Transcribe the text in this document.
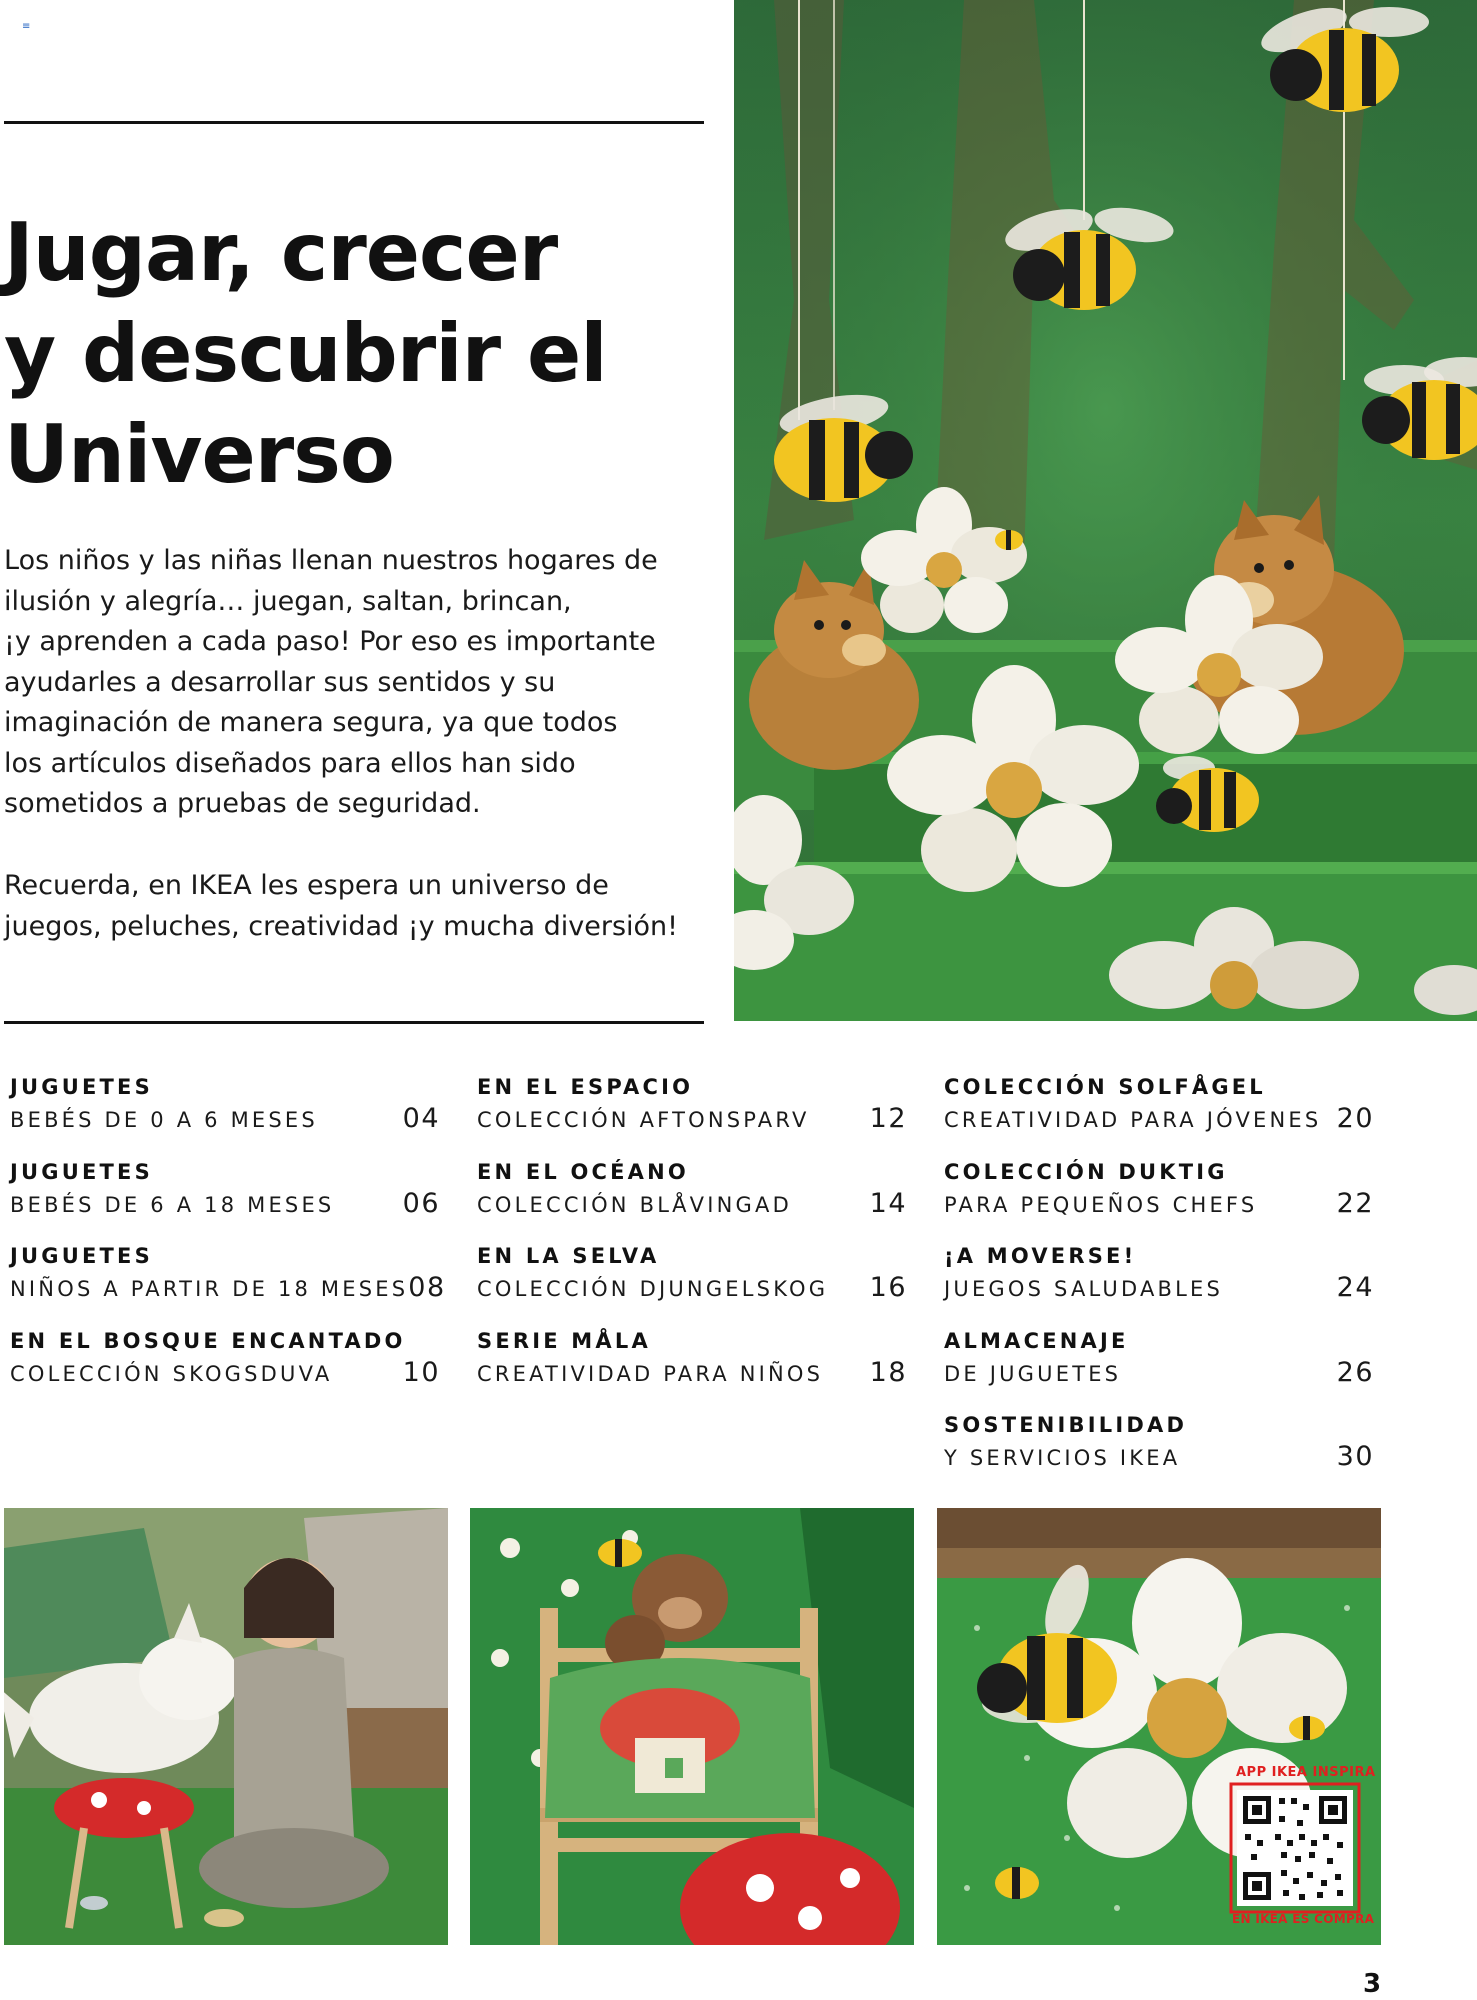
≡
Jugar, crecer
y descubrir el
Universo
Los niños y las niñas llenan nuestros hogares de
ilusión y alegría… juegan, saltan, brincan,
¡y aprenden a cada paso! Por eso es importante
ayudarles a desarrollar sus sentidos y su
imaginación de manera segura, ya que todos
los artículos diseñados para ellos han sido
sometidos a pruebas de seguridad.
Recuerda, en IKEA les espera un universo de
juegos, peluches, creatividad ¡y mucha diversión!
JUGUETES
BEBÉS DE 0 A 6 MESES	04
JUGUETES
BEBÉS DE 6 A 18 MESES	06
JUGUETES
NIÑOS A PARTIR DE 18 MESES 08
EN EL BOSQUE ENCANTADO
COLECCIÓN SKOGSDUVA	10
EN EL ESPACIO
COLECCIÓN AFTONSPARV 12
EN EL OCÉANO
COLECCIÓN BLÅVINGAD	14
EN LA SELVA
COLECCIÓN DJUNGELSKOG 16
SERIE MÅLA
CREATIVIDAD PARA NIÑOS 18
COLECCIÓN SOLFÅGEL
CREATIVIDAD PARA JÓVENES 20
COLECCIÓN DUKTIG
PARA PEQUEÑOS CHEFS	22
¡A MOVERSE!
JUEGOS SALUDABLES	24
ALMACENAJE
DE JUGUETES	26
SOSTENIBILIDAD
Y SERVICIOS IKEA	30
APP IKEA INSPIRA
EN IKEA ES COMPRA
3
